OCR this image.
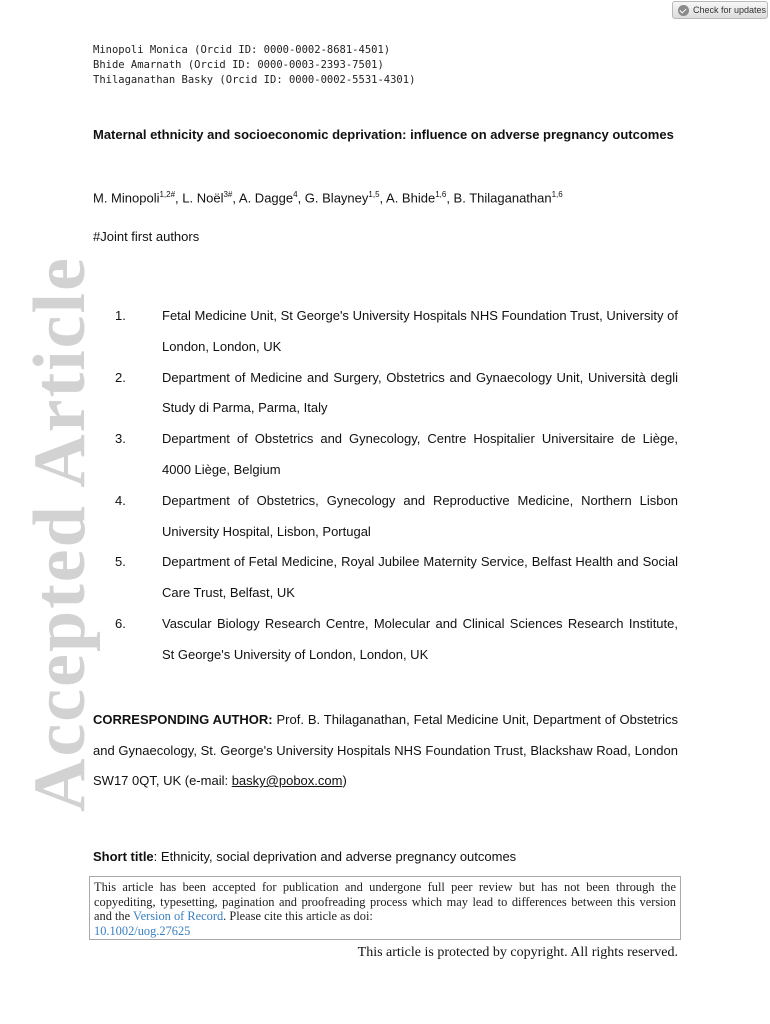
Check for updates
Accepted Article
Minopoli Monica (Orcid ID: 0000-0002-8681-4501)
Bhide Amarnath (Orcid ID: 0000-0003-2393-7501)
Thilaganathan Basky (Orcid ID: 0000-0002-5531-4301)
Maternal ethnicity and socioeconomic deprivation: influence on adverse pregnancy outcomes
M. Minopoli$^{1,2\#}$, L. Noël$^{3\#}$, A. Dagge$^4$, G. Blayney$^{1,5}$, A. Bhide$^{1,6}$, B. Thilaganathan$^{1,6}$
#Joint first authors
1.	Fetal Medicine Unit, St George's University Hospitals NHS Foundation Trust, University of London, London, UK
2.	Department of Medicine and Surgery, Obstetrics and Gynaecology Unit, Università degli Study di Parma, Parma, Italy
3.	Department of Obstetrics and Gynecology, Centre Hospitalier Universitaire de Liège, 4000 Liège, Belgium
4.	Department of Obstetrics, Gynecology and Reproductive Medicine, Northern Lisbon University Hospital, Lisbon, Portugal
5.	Department of Fetal Medicine, Royal Jubilee Maternity Service, Belfast Health and Social Care Trust, Belfast, UK
6.	Vascular Biology Research Centre, Molecular and Clinical Sciences Research Institute, St George's University of London, London, UK
CORRESPONDING AUTHOR: Prof. B. Thilaganathan, Fetal Medicine Unit, Department of Obstetrics and Gynaecology, St. George's University Hospitals NHS Foundation Trust, Blackshaw Road, London SW17 0QT, UK (e-mail: basky@pobox.com)
Short title: Ethnicity, social deprivation and adverse pregnancy outcomes
This article has been accepted for publication and undergone full peer review but has not been through the copyediting, typesetting, pagination and proofreading process which may lead to differences between this version and the Version of Record. Please cite this article as doi:
10.1002/uog.27625
This article is protected by copyright. All rights reserved.
